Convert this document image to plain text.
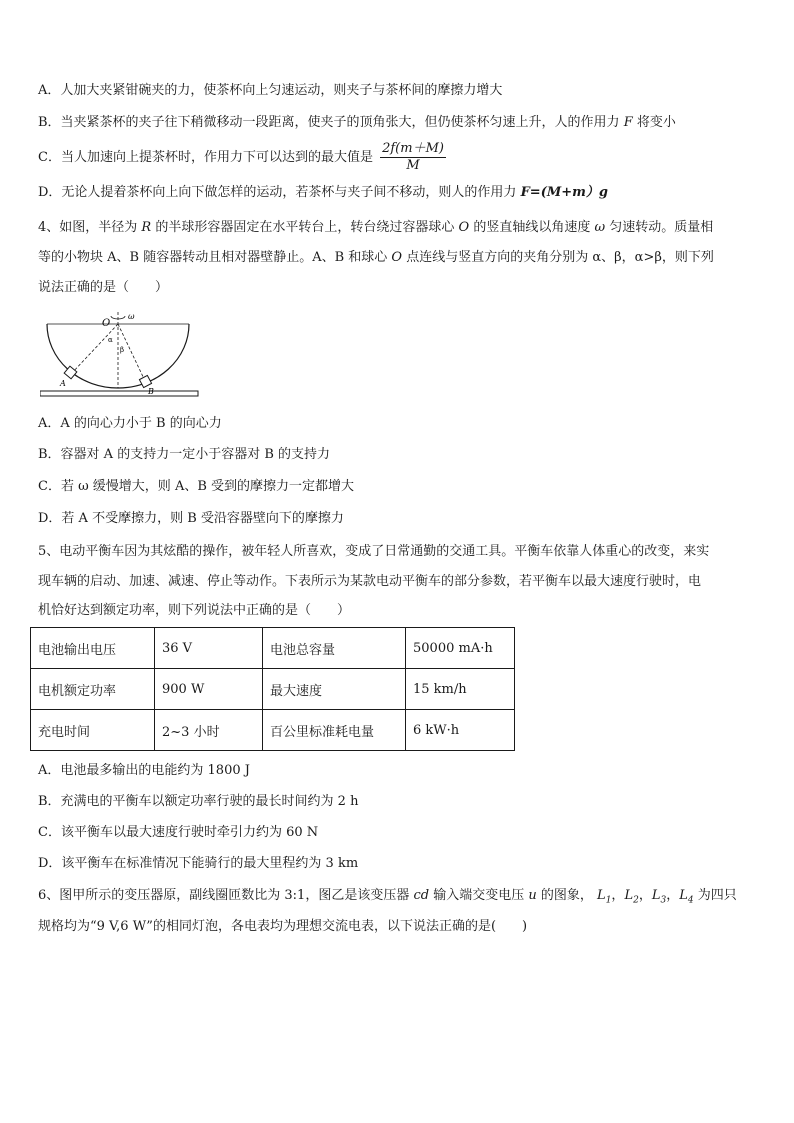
A．人加大夹紧钳碗夹的力，使茶杯向上匀速运动，则夹子与茶杯间的摩擦力增大
B．当夹紧茶杯的夹子往下稍微移动一段距离，使夹子的顶角张大，但仍使茶杯匀速上升，人的作用力 F 将变小
C．当人加速向上提茶杯时，作用力下可以达到的最大值是 $\frac{2f(m+M)}{M}$
D．无论人提着茶杯向上向下做怎样的运动，若茶杯与夹子间不移动，则人的作用力 F=(M+m）g
4、如图，半径为 R 的半球形容器固定在水平转台上，转台绕过容器球心 O 的竖直轴线以角速度 ω 匀速转动。质量相
等的小物块 A、B 随容器转动且相对器壁静止。A、B 和球心 O 点连线与竖直方向的夹角分别为 α、β，α>β，则下列
说法正确的是（　　）
O
ω
α
β
A
B
A．A 的向心力小于 B 的向心力
B．容器对 A 的支持力一定小于容器对 B 的支持力
C．若 ω 缓慢增大，则 A、B 受到的摩擦力一定都增大
D．若 A 不受摩擦力，则 B 受沿容器壁向下的摩擦力
5、电动平衡车因为其炫酷的操作，被年轻人所喜欢，变成了日常通勤的交通工具。平衡车依靠人体重心的改变，来实
现车辆的启动、加速、减速、停止等动作。下表所示为某款电动平衡车的部分参数，若平衡车以最大速度行驶时，电
机恰好达到额定功率，则下列说法中正确的是（　　）
电池输出电压	36 V	电池总容量	50000 mA·h
电机额定功率	900 W	最大速度	15 km/h
充电时间	2~3 小时	百公里标准耗电量	6 kW·h
A．电池最多输出的电能约为 1800 J
B．充满电的平衡车以额定功率行驶的最长时间约为 2 h
C．该平衡车以最大速度行驶时牵引力约为 60 N
D．该平衡车在标准情况下能骑行的最大里程约为 3 km
6、图甲所示的变压器原，副线圈匝数比为 3:1，图乙是该变压器 cd 输入端交变电压 u 的图象， $L_1$，$L_2$，$L_3$，$L_4$ 为四只
规格均为“9 V,6 W”的相同灯泡，各电表均为理想交流电表，以下说法正确的是(　　)
